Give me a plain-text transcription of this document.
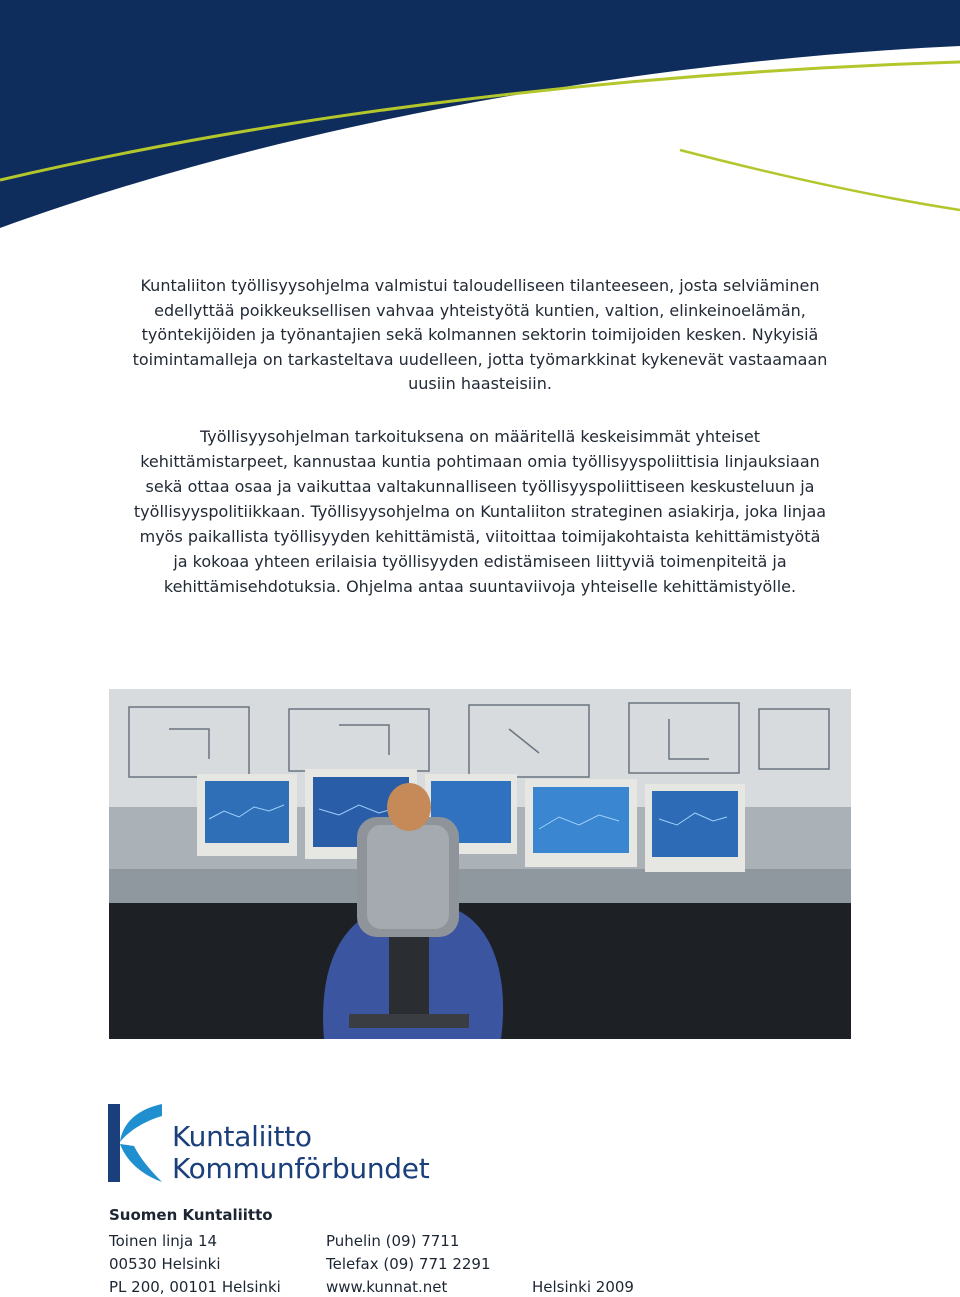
Kuntaliiton työllisyysohjelma valmistui taloudelliseen tilanteeseen, josta selviäminen edellyttää poikkeuksellisen vahvaa yhteistyötä kuntien, valtion, elinkeinoelämän, työntekijöiden ja työnantajien sekä kolmannen sektorin toimijoiden kesken. Nykyisiä toimintamalleja on tarkasteltava uudelleen, jotta työmarkkinat kykenevät vastaamaan uusiin haasteisiin.

Työllisyysohjelman tarkoituksena on määritellä keskeisimmät yhteiset kehittämistarpeet, kannustaa kuntia pohtimaan omia työllisyyspoliittisia linjauksiaan sekä ottaa osaa ja vaikuttaa valtakunnalliseen työllisyyspoliittiseen keskusteluun ja työllisyyspolitiikkaan. Työllisyysohjelma on Kuntaliiton strateginen asiakirja, joka linjaa myös paikallista työllisyyden kehittämistä, viitoittaa toimijakohtaista kehittämistyötä ja kokoaa yhteen erilaisia työllisyyden edistämiseen liittyviä toimenpiteitä ja kehittämisehdotuksia. Ohjelma antaa suuntaviivoja yhteiselle kehittämistyölle.

Kuntaliitto
Kommunförbundet
Suomen Kuntaliitto
Toinen linja 14
00530 Helsinki
PL 200, 00101 Helsinki
Puhelin (09) 7711
Telefax (09) 771 2291
www.kunnat.net	Helsinki 2009
